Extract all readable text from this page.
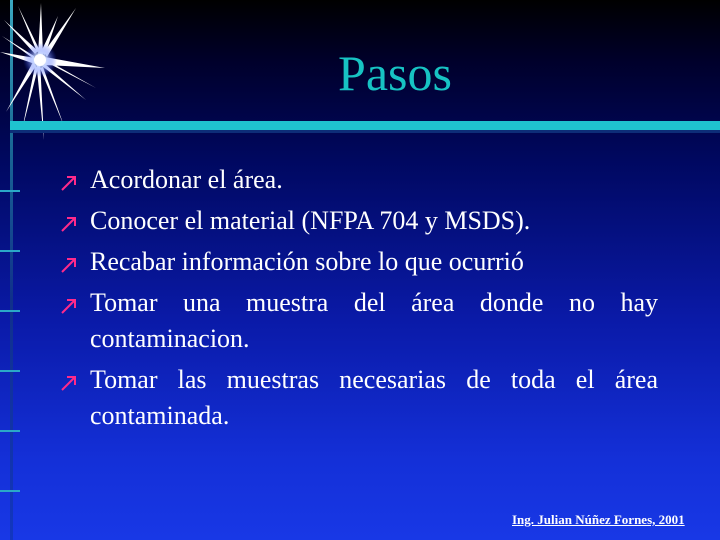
Pasos
Acordonar el área.
Conocer el material (NFPA 704 y MSDS).
Recabar información sobre lo que ocurrió
Tomar una muestra del área donde no hay contaminacion.
Tomar las muestras necesarias de toda el área contaminada.
Ing. Julian Núñez Fornes, 2001
